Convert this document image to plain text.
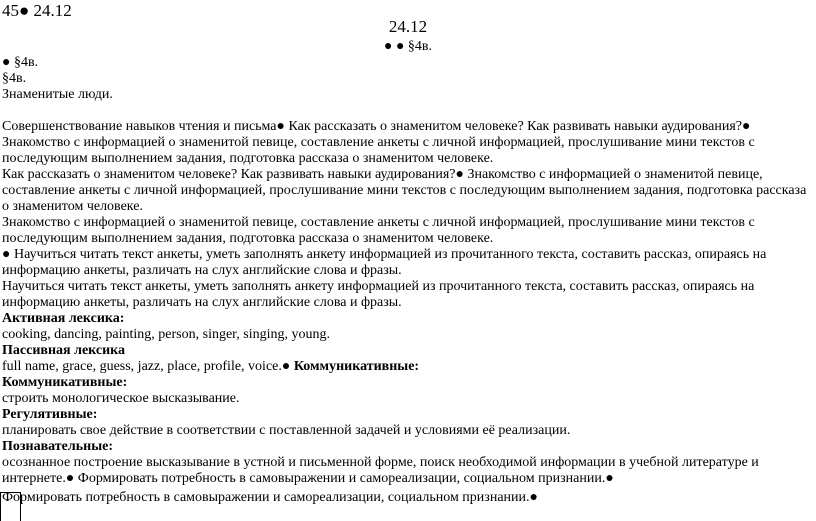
45● 24.12
24.12
● ● §4в.

● §4в.

§4в.

Знаменитые люди.

Совершенствование навыков чтения и письма● Как рассказать о знаменитом человеке? Как развивать навыки аудирования?● Знакомство с информацией о знаменитой певице, составление анкеты с личной информацией, прослушивание мини текстов с последующим выполнением задания, подготовка рассказа о знаменитом человеке.

Как рассказать о знаменитом человеке? Как развивать навыки аудирования?● Знакомство с информацией о знаменитой певице, составление анкеты с личной информацией, прослушивание мини текстов с последующим выполнением задания, подготовка рассказа о знаменитом человеке.

Знакомство с информацией о знаменитой певице, составление анкеты с личной информацией, прослушивание мини текстов с последующим выполнением задания, подготовка рассказа о знаменитом человеке.

● Научиться читать текст анкеты, уметь заполнять анкету информацией из прочитанного текста, составить рассказ, опираясь на информацию анкеты, различать на слух английские слова и фразы.

Научиться читать текст анкеты, уметь заполнять анкету информацией из прочитанного текста, составить рассказ, опираясь на информацию анкеты, различать на слух английские слова и фразы.

Активная лексика:

cooking, dancing, painting, person, singer, singing, young.

Пассивная лексика

full name, grace, guess, jazz, place, profile, voice.● Коммуникативные:

Коммуникативные:

строить монологическое высказывание.

Регулятивные:

планировать свое действие в соответствии с поставленной задачей и условиями её реализации.

Познавательные:

осознанное построение высказывание в устной и письменной форме, поиск необходимой информации в учебной литературе и интернете.● Формировать потребность в самовыражении и самореализации, социальном признании.●

Формировать потребность в самовыражении и самореализации, социальном признании.●
